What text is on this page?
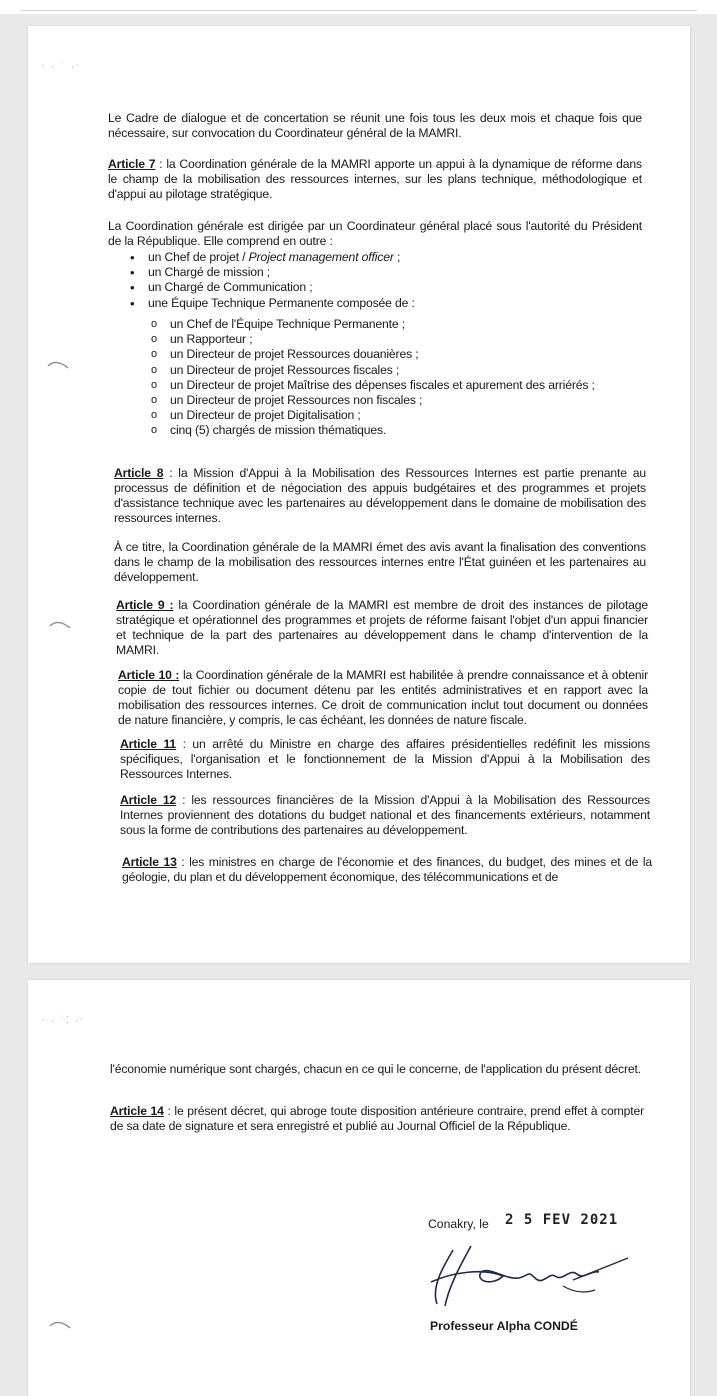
⸱ ⸳ ˙ ⸳⸱

Le Cadre de dialogue et de concertation se réunit une fois tous les deux mois et chaque fois que nécessaire, sur convocation du Coordinateur général de la MAMRI.

Article 7 : la Coordination générale de la MAMRI apporte un appui à la dynamique de réforme dans le champ de la mobilisation des ressources internes, sur les plans technique, méthodologique et d'appui au pilotage stratégique.

La Coordination générale est dirigée par un Coordinateur général placé sous l'autorité du Président de la République. Elle comprend en outre :

• un Chef de projet / Project management officer ;
• un Chargé de mission ;
• un Chargé de Communication ;
• une Équipe Technique Permanente composée de :
o un Chef de l'Équipe Technique Permanente ;
o un Rapporteur ;
o un Directeur de projet Ressources douanières ;
o un Directeur de projet Ressources fiscales ;
o un Directeur de projet Maîtrise des dépenses fiscales et apurement des arriérés ;
o un Directeur de projet Ressources non fiscales ;
o un Directeur de projet Digitalisation ;
o cinq (5) chargés de mission thématiques.

Article 8 : la Mission d'Appui à la Mobilisation des Ressources Internes est partie prenante au processus de définition et de négociation des appuis budgétaires et des programmes et projets d'assistance technique avec les partenaires au développement dans le domaine de mobilisation des ressources internes.

À ce titre, la Coordination générale de la MAMRI émet des avis avant la finalisation des conventions dans le champ de la mobilisation des ressources internes entre l'État guinéen et les partenaires au développement.

Article 9 : la Coordination générale de la MAMRI est membre de droit des instances de pilotage stratégique et opérationnel des programmes et projets de réforme faisant l'objet d'un appui financier et technique de la part des partenaires au développement dans le champ d'intervention de la MAMRI.

Article 10 : la Coordination générale de la MAMRI est habilitée à prendre connaissance et à obtenir copie de tout fichier ou document détenu par les entités administratives et en rapport avec la mobilisation des ressources internes. Ce droit de communication inclut tout document ou données de nature financière, y compris, le cas échéant, les données de nature fiscale.

Article 11 : un arrêté du Ministre en charge des affaires présidentielles redéfinit les missions spécifiques, l'organisation et le fonctionnement de la Mission d'Appui à la Mobilisation des Ressources Internes.

Article 12 : les ressources financières de la Mission d'Appui à la Mobilisation des Ressources Internes proviennent des dotations du budget national et des financements extérieurs, notamment sous la forme de contributions des partenaires au développement.

Article 13 : les ministres en charge de l'économie et des finances, du budget, des mines et de la géologie, du plan et du développement économique, des télécommunications et de

⸱ ⸳ ˙⁚ ⸳⸱

l'économie numérique sont chargés, chacun en ce qui le concerne, de l'application du présent décret.

Article 14 : le présent décret, qui abroge toute disposition antérieure contraire, prend effet à compter de sa date de signature et sera enregistré et publié au Journal Officiel de la République.

Conakry, le 2 5 FEV 2021
Professeur Alpha CONDÉ
